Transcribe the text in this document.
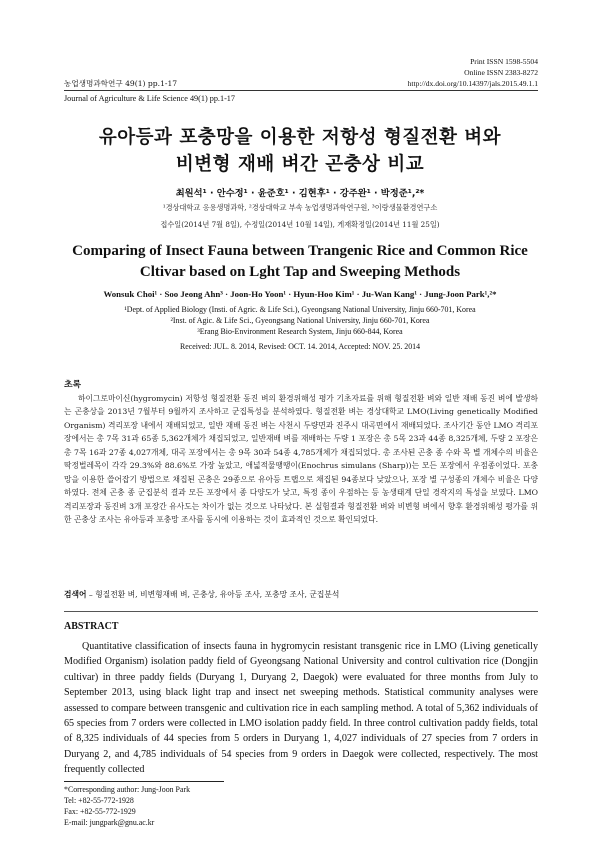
Print ISSN 1598-5504
Online ISSN 2383-8272
농업생명과학연구 49(1) pp.1-17	http://dx.doi.org/10.14397/jals.2015.49.1.1
Journal of Agriculture & Life Science 49(1) pp.1-17
유아등과 포충망을 이용한 저항성 형질전환 벼와
비변형 재배 벼간 곤충상 비교
최원석¹ · 안수정¹ · 윤준호¹ · 김현후¹ · 강주완¹ · 박정준¹,²*
¹경상대학교 응용생명과학, ²경상대학교 부속 농업생명과학연구원, ³이랑생물환경연구소
접수일(2014년 7월 8일), 수정일(2014년 10월 14일), 게재확정일(2014년 11월 25일)
Comparing of Insect Fauna between Trangenic Rice and Common Rice
Cltivar based on Lght Tap and Sweeping Methods
Wonsuk Choi¹ · Soo Jeong Ahn³ · Joon-Ho Yoon¹ · Hyun-Hoo Kim¹ · Ju-Wan Kang¹ · Jung-Joon Park¹,²*
¹Dept. of Applied Biology (Insti. of Agric. & Life Sci.), Gyeongsang National University, Jinju 660-701, Korea
²Inst. of Agic. & Life Sci., Gyeongsang National University, Jinju 660-701, Korea
³Erang Bio-Environment Research System, Jinju 660-844, Korea
Received: JUL. 8. 2014, Revised: OCT. 14. 2014, Accepted: NOV. 25. 2014
초록
하이그로마이신(hygromycin) 저항성 형질전환 동진 벼의 환경위해성 평가 기초자료를 위해 형질전환 벼와 일반 재배 동진 벼에 발생하는 곤충상을 2013년 7월부터 9월까지 조사하고 군집특성을 분석하였다. 형질전환 벼는 경상대학교 LMO(Living genetically Modified Organism) 격리포장 내에서 재배되었고, 일반 재배 동진 벼는 사천시 두량면과 진주시 대곡면에서 재배되었다. 조사기간 동안 LMO 격리포장에서는 총 7목 31과 65종 5,362개체가 채집되었고, 일반재배 벼를 재배하는 두량 1 포장은 총 5목 23과 44종 8,325개체, 두량 2 포장은 총 7목 16과 27종 4,027개체, 대곡 포장에서는 총 9목 30과 54종 4,785개체가 채집되었다. 총 조사된 곤충 종 수와 목 별 개체수의 비율은 딱정벌레목이 각각 29.3%와 88.6%로 가장 높았고, 애넓적물땡땡이(Enochrus simulans (Sharp))는 모든 포장에서 우점종이었다. 포충망을 이용한 쓸어잡기 방법으로 채집된 곤충은 29종으로 유아등 트랩으로 채집된 94종보다 낮았으나, 포장 별 구성종의 개체수 비율은 다양하였다. 전체 곤충 종 군집분석 결과 모든 포장에서 종 다양도가 낮고, 특정 종이 우점하는 등 농생태계 단일 경작지의 특성을 보였다. LMO 격리포장과 동진벼 3개 포장간 유사도는 차이가 없는 것으로 나타났다. 본 실험결과 형질전환 벼와 비변형 벼에서 향후 환경위해성 평가를 위한 곤충상 조사는 유아등과 포충망 조사를 동시에 이용하는 것이 효과적인 것으로 확인되었다.
검색어 – 형질전환 벼, 비변형재배 벼, 곤충상, 유아등 조사, 포충망 조사, 군집분석
ABSTRACT
Quantitative classification of insects fauna in hygromycin resistant transgenic rice in LMO (Living genetically Modified Organism) isolation paddy field of Gyeongsang National University and control cultivation rice (Dongjin cultivar) in three paddy fields (Duryang 1, Duryang 2, Daegok) were evaluated for three months from July to September 2013, using black light trap and insect net sweeping methods. Statistical community analyses were assessed to compare between transgenic and cultivation rice in each sampling method. A total of 5,362 individuals of 65 species from 7 orders were collected in LMO isolation paddy field. In three control cultivation paddy fields, total of 8,325 individuals of 44 species from 5 orders in Duryang 1, 4,027 individuals of 27 species from 7 orders in Duryang 2, and 4,785 individuals of 54 species from 9 orders in Daegok were collected, respectively. The most frequently collected
*Corresponding author: Jung-Joon Park
Tel: +82-55-772-1928
Fax: +82-55-772-1929
E-mail: jungpark@gnu.ac.kr
